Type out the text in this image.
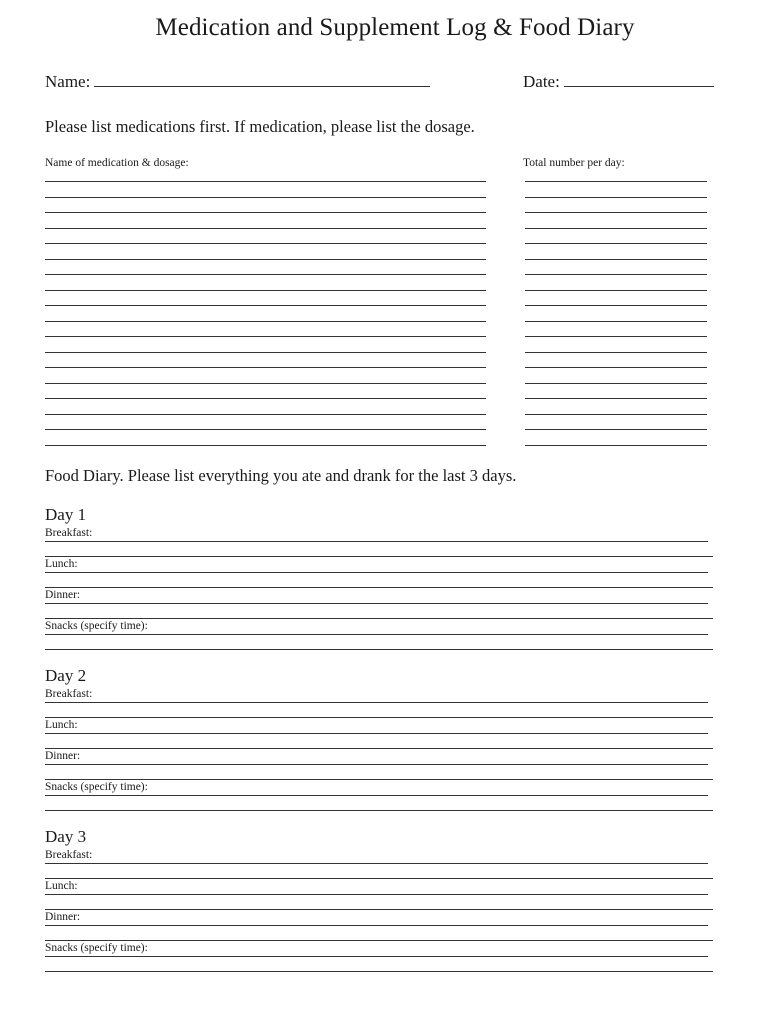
Medication and Supplement Log & Food Diary
Name:	Date:
Please list medications first. If medication, please list the dosage.
Name of medication & dosage:	Total number per day:
Food Diary. Please list everything you ate and drank for the last 3 days.
Day 1
Breakfast:
Lunch:
Dinner:
Snacks (specify time):
Day 2
Breakfast:
Lunch:
Dinner:
Snacks (specify time):
Day 3
Breakfast:
Lunch:
Dinner:
Snacks (specify time):
